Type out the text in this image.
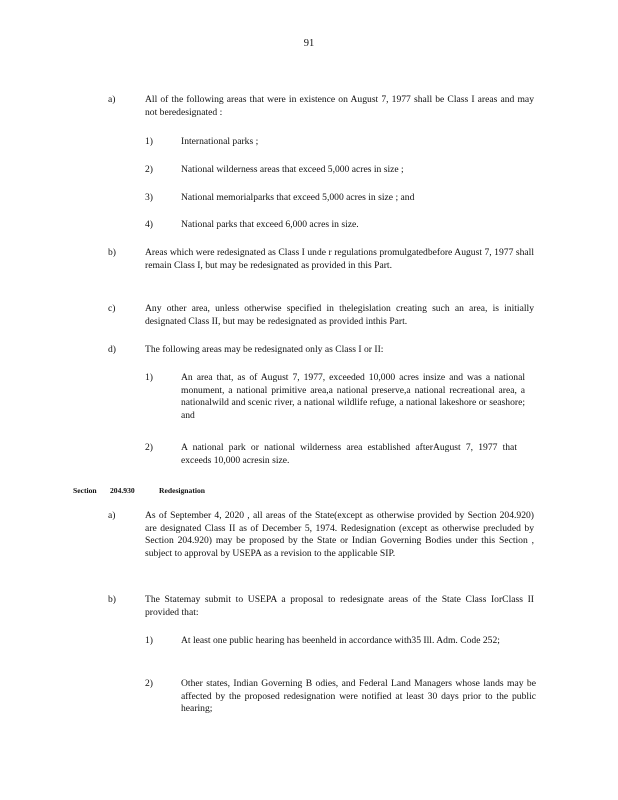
91
a)	All of the following areas that were in existence on August 7, 1977 shall be Class I areas and may not beredesignated :
1)	International parks ;
2)	National wilderness areas that exceed 5,000 acres in size ;
3)	National memorialparks that exceed 5,000 acres in size ; and
4)	National parks that exceed 6,000 acres in size.
b)	Areas which were redesignated as Class I unde r regulations promulgatedbefore August 7, 1977 shall remain Class I, but may be redesignated as provided in this Part.
c)	Any other area, unless otherwise specified in thelegislation creating such an area, is initially designated Class II, but may be redesignated as provided inthis Part.
d)	The following areas may be redesignated only as Class I or II:
1)	An area that, as of August 7, 1977, exceeded 10,000 acres insize and was a national monument, a national primitive area,a national preserve,a national recreational area, a nationalwild and scenic river, a national wildlife refuge, a national lakeshore or seashore; and
2)	A national park or national wilderness area established afterAugust 7, 1977 that exceeds 10,000 acresin size.
Section 204.930	Redesignation
a)	As of September 4, 2020 , all areas of the State(except as otherwise provided by Section 204.920) are designated Class II as of December 5, 1974. Redesignation (except as otherwise precluded by Section 204.920) may be proposed by the State or Indian Governing Bodies under this Section , subject to approval by USEPA as a revision to the applicable SIP.
b)	The Statemay submit to USEPA a proposal to redesignate areas of the State Class IorClass II provided that:
1)	At least one public hearing has beenheld in accordance with35 Ill. Adm. Code 252;
2)	Other states, Indian Governing B odies, and Federal Land Managers whose lands may be affected by the proposed redesignation were notified at least 30 days prior to the public hearing;
